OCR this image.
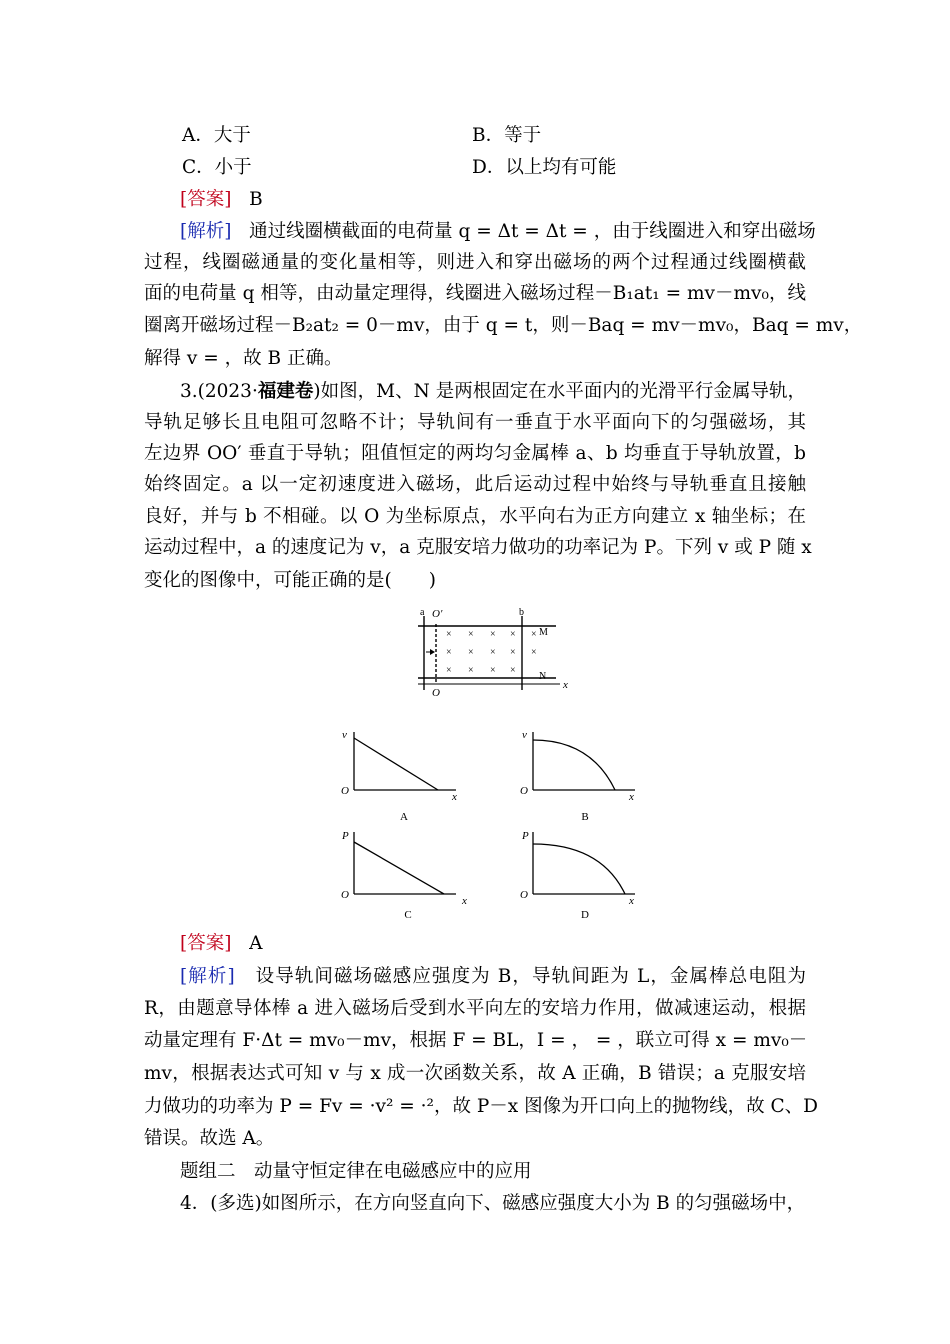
A．大于	B．等于
C．小于	D．以上均有可能
[答案] B
[解析] 通过线圈横截面的电荷量 q = Δt = Δt = ，由于线圈进入和穿出磁场
过程，线圈磁通量的变化量相等，则进入和穿出磁场的两个过程通过线圈横截
面的电荷量 q 相等，由动量定理得，线圈进入磁场过程－B₁at₁ = mv－mv₀，线
圈离开磁场过程－B₂at₂ = 0－mv，由于 q = t，则－Baq = mv－mv₀，Baq = mv，
解得 v = ，故 B 正确。
3.(2023·福建卷)如图，M、N 是两根固定在水平面内的光滑平行金属导轨，
导轨足够长且电阻可忽略不计；导轨间有一垂直于水平面向下的匀强磁场，其
左边界 OO′ 垂直于导轨；阻值恒定的两均匀金属棒 a、b 均垂直于导轨放置，b
始终固定。a 以一定初速度进入磁场，此后运动过程中始终与导轨垂直且接触
良好，并与 b 不相碰。以 O 为坐标原点，水平向右为正方向建立 x 轴坐标；在
运动过程中，a 的速度记为 v，a 克服安培力做功的功率记为 P。下列 v 或 P 随 x
变化的图像中，可能正确的是(　　)
a O′	b
M
N
x
O
× × × × ×
× × × × ×
× × × ×
v
O	x
A
v
O	x
B
P
O	x
C
P
O	x
D
[答案] A
[解析] 设导轨间磁场磁感应强度为 B，导轨间距为 L，金属棒总电阻为
R，由题意导体棒 a 进入磁场后受到水平向左的安培力作用，做减速运动，根据
动量定理有 F·Δt = mv₀－mv，根据 F = BL，I = ， = ，联立可得 x = mv₀－
mv，根据表达式可知 v 与 x 成一次函数关系，故 A 正确，B 错误；a 克服安培
力做功的功率为 P = Fv = ·v² = ·²，故 P－x 图像为开口向上的抛物线，故 C、D
错误。故选 A。
题组二　动量守恒定律在电磁感应中的应用
4．(多选)如图所示，在方向竖直向下、磁感应强度大小为 B 的匀强磁场中，
